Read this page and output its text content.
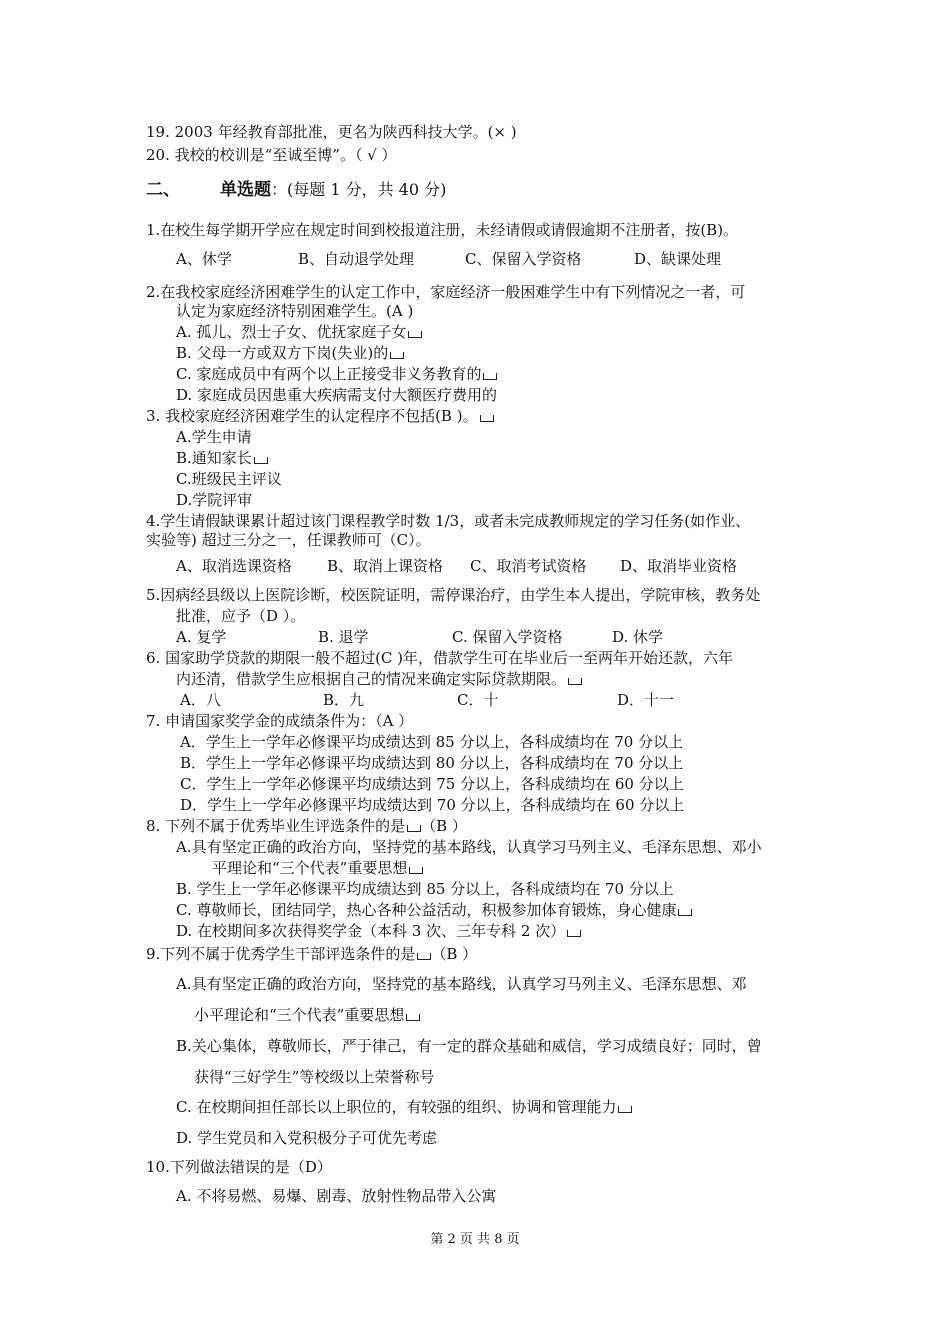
19. 2003 年经教育部批准，更名为陕西科技大学。(× )
20. 我校的校训是“至诚至博”。（ √ ）
二、 单选题：(每题 1 分，共 40 分)
1.在校生每学期开学应在规定时间到校报道注册，未经请假或请假逾期不注册者，按(B)。
A、休学	B、自动退学处理	C、保留入学资格	D、缺课处理
2.在我校家庭经济困难学生的认定工作中，家庭经济一般困难学生中有下列情况之一者，可
认定为家庭经济特别困难学生。(A )
A. 孤儿、烈士子女、优抚家庭子女
B. 父母一方或双方下岗(失业)的
C. 家庭成员中有两个以上正接受非义务教育的
D. 家庭成员因患重大疾病需支付大额医疗费用的
3. 我校家庭经济困难学生的认定程序不包括(B )。
A.学生申请
B.通知家长
C.班级民主评议
D.学院评审
4.学生请假缺课累计超过该门课程教学时数 1/3，或者未完成教师规定的学习任务(如作业、
实验等) 超过三分之一，任课教师可（C）。
A、取消选课资格 B、取消上课资格 C、取消考试资格 D、取消毕业资格
5.因病经县级以上医院诊断，校医院证明，需停课治疗，由学生本人提出，学院审核，教务处
批准，应予（D ）。
A. 复学	B. 退学	C. 保留入学资格	D. 休学
6. 国家助学贷款的期限一般不超过(C )年，借款学生可在毕业后一至两年开始还款，六年
内还清，借款学生应根据自己的情况来确定实际贷款期限。
A．八	B．九	C．十	D．十一
7. 申请国家奖学金的成绩条件为：（A ）
A．学生上一学年必修课平均成绩达到 85 分以上，各科成绩均在 70 分以上
B．学生上一学年必修课平均成绩达到 80 分以上，各科成绩均在 70 分以上
C．学生上一学年必修课平均成绩达到 75 分以上，各科成绩均在 60 分以上
D．学生上一学年必修课平均成绩达到 70 分以上，各科成绩均在 60 分以上
8. 下列不属于优秀毕业生评选条件的是 （B ）
A.具有坚定正确的政治方向，坚持党的基本路线，认真学习马列主义、毛泽东思想、邓小
平理论和“三个代表”重要思想
B. 学生上一学年必修课平均成绩达到 85 分以上，各科成绩均在 70 分以上
C. 尊敬师长，团结同学，热心各种公益活动，积极参加体育锻炼，身心健康
D. 在校期间多次获得奖学金（本科 3 次、三年专科 2 次）
9.下列不属于优秀学生干部评选条件的是 （B ）
A.具有坚定正确的政治方向，坚持党的基本路线，认真学习马列主义、毛泽东思想、邓
小平理论和“三个代表”重要思想
B.关心集体，尊敬师长，严于律己，有一定的群众基础和威信，学习成绩良好；同时，曾
获得“三好学生”等校级以上荣誉称号
C. 在校期间担任部长以上职位的，有较强的组织、协调和管理能力
D. 学生党员和入党积极分子可优先考虑
10.下列做法错误的是（D）
A. 不将易燃、易爆、剧毒、放射性物品带入公寓
第 2 页 共 8 页
